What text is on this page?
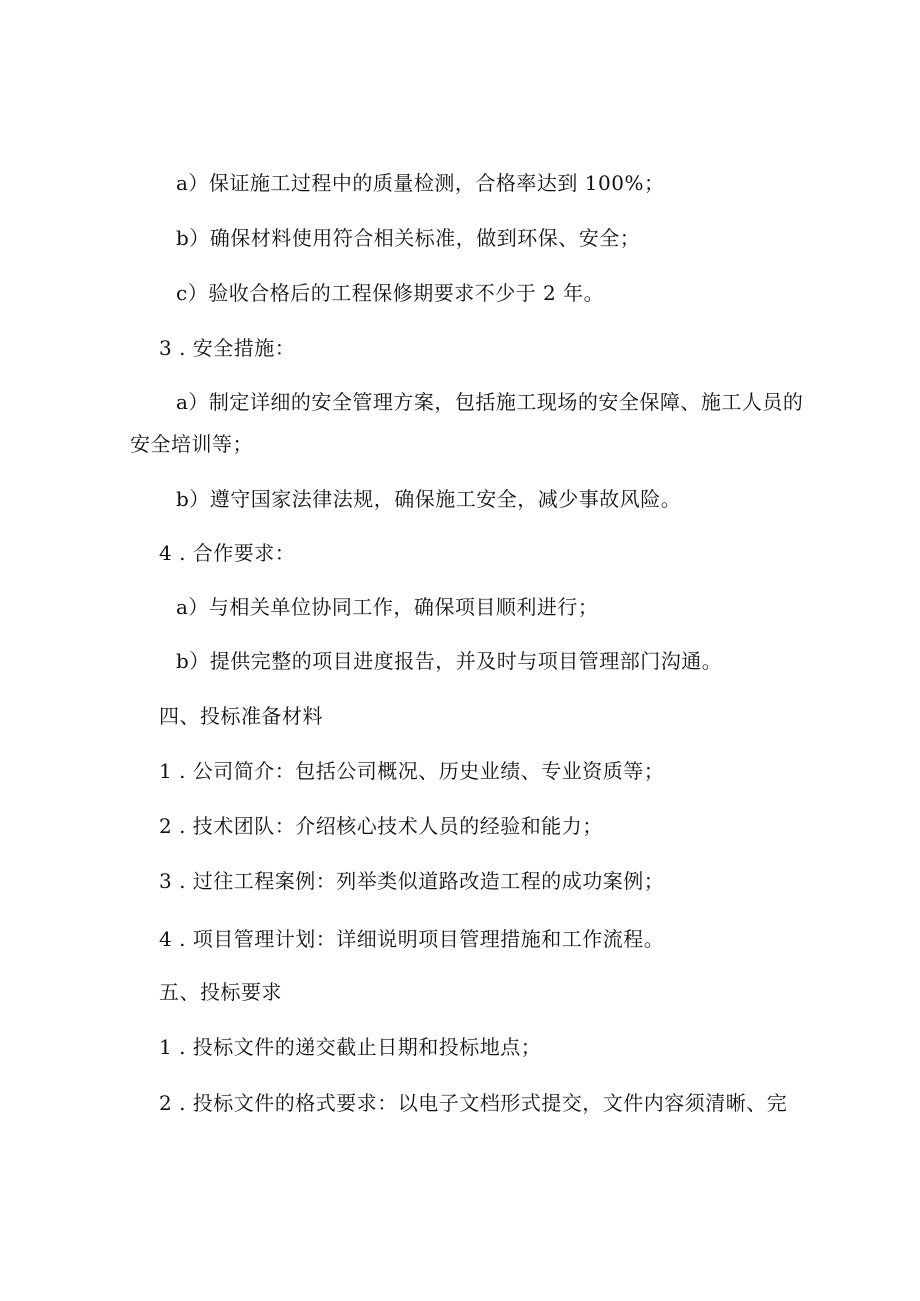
a）保证施工过程中的质量检测，合格率达到 100%；
b）确保材料使用符合相关标准，做到环保、安全；
c）验收合格后的工程保修期要求不少于 2 年。
3 . 安全措施：
a）制定详细的安全管理方案，包括施工现场的安全保障、施工人员的
安全培训等；
b）遵守国家法律法规，确保施工安全，减少事故风险。
4 . 合作要求：
a）与相关单位协同工作，确保项目顺利进行；
b）提供完整的项目进度报告，并及时与项目管理部门沟通。
四、投标准备材料
1 . 公司简介：包括公司概况、历史业绩、专业资质等；
2 . 技术团队：介绍核心技术人员的经验和能力；
3 . 过往工程案例：列举类似道路改造工程的成功案例；
4 . 项目管理计划：详细说明项目管理措施和工作流程。
五、投标要求
1 . 投标文件的递交截止日期和投标地点；
2 . 投标文件的格式要求：以电子文档形式提交，文件内容须清晰、完
